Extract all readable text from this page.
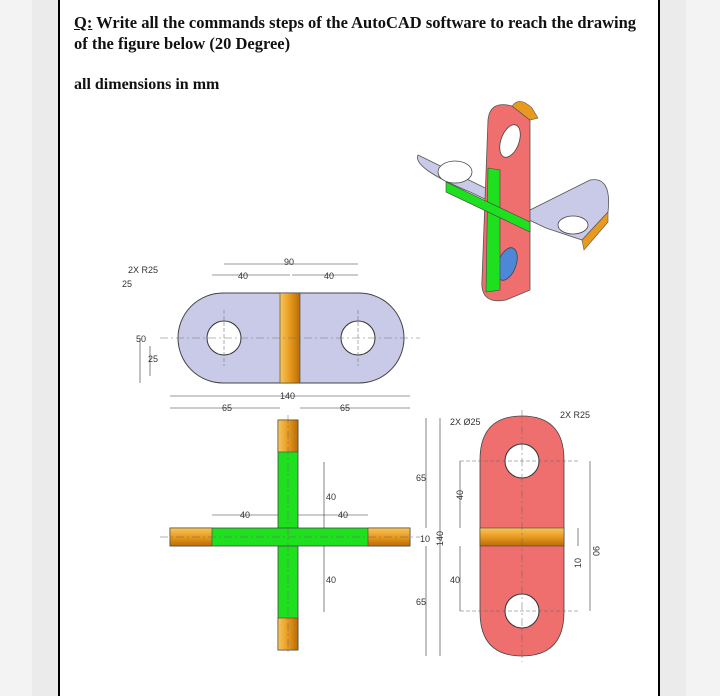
Q: Write all the commands steps of the AutoCAD software to reach the drawing of the figure below (20 Degree)
all dimensions in mm
2X R25
25
90
40	40
50
25
140
65	65
40	40
40
40
2X Ø25
2X R25
65
65
10 140
40
40
90
10
